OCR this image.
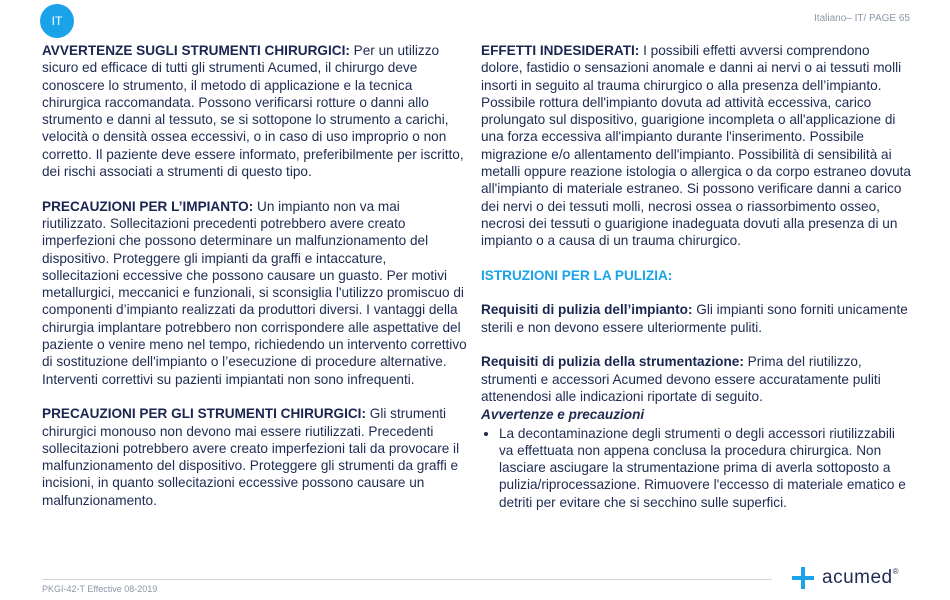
IT	Italiano– IT/ PAGE 65

AVVERTENZE SUGLI STRUMENTI CHIRURGICI: Per un utilizzo sicuro ed efficace di tutti gli strumenti Acumed, il chirurgo deve conoscere lo strumento, il metodo di applicazione e la tecnica chirurgica raccomandata. Possono verificarsi rotture o danni allo strumento e danni al tessuto, se si sottopone lo strumento a carichi, velocità o densità ossea eccessivi, o in caso di uso improprio o non corretto. Il paziente deve essere informato, preferibilmente per iscritto, dei rischi associati a strumenti di questo tipo.

PRECAUZIONI PER L’IMPIANTO: Un impianto non va mai riutilizzato. Sollecitazioni precedenti potrebbero avere creato imperfezioni che possono determinare un malfunzionamento del dispositivo. Proteggere gli impianti da graffi e intaccature, sollecitazioni eccessive che possono causare un guasto. Per motivi metallurgici, meccanici e funzionali, si sconsiglia l'utilizzo promiscuo di componenti d’impianto realizzati da produttori diversi. I vantaggi della chirurgia implantare potrebbero non corrispondere alle aspettative del paziente o venire meno nel tempo, richiedendo un intervento correttivo di sostituzione dell'impianto o l’esecuzione di procedure alternative. Interventi correttivi su pazienti impiantati non sono infrequenti.

PRECAUZIONI PER GLI STRUMENTI CHIRURGICI: Gli strumenti chirurgici monouso non devono mai essere riutilizzati. Precedenti sollecitazioni potrebbero avere creato imperfezioni tali da provocare il malfunzionamento del dispositivo. Proteggere gli strumenti da graffi e incisioni, in quanto sollecitazioni eccessive possono causare un malfunzionamento.

EFFETTI INDESIDERATI: I possibili effetti avversi comprendono dolore, fastidio o sensazioni anomale e danni ai nervi o ai tessuti molli insorti in seguito al trauma chirurgico o alla presenza dell’impianto. Possibile rottura dell'impianto dovuta ad attività eccessiva, carico prolungato sul dispositivo, guarigione incompleta o all'applicazione di una forza eccessiva all'impianto durante l'inserimento. Possibile migrazione e/o allentamento dell'impianto. Possibilità di sensibilità ai metalli oppure reazione istologia o allergica o da corpo estraneo dovuta all'impianto di materiale estraneo. Si possono verificare danni a carico dei nervi o dei tessuti molli, necrosi ossea o riassorbimento osseo, necrosi dei tessuti o guarigione inadeguata dovuti alla presenza di un impianto o a causa di un trauma chirurgico.

ISTRUZIONI PER LA PULIZIA:

Requisiti di pulizia dell’impianto: Gli impianti sono forniti unicamente sterili e non devono essere ulteriormente puliti.

Requisiti di pulizia della strumentazione: Prima del riutilizzo, strumenti e accessori Acumed devono essere accuratamente puliti attenendosi alle indicazioni riportate di seguito.

Avvertenze e precauzioni

• La decontaminazione degli strumenti o degli accessori riutilizzabili va effettuata non appena conclusa la procedura chirurgica. Non lasciare asciugare la strumentazione prima di averla sottoposto a pulizia/riprocessazione. Rimuovere l'eccesso di materiale ematico e detriti per evitare che si secchino sulle superfici.
PKGI-42-T Effective 08-2019
acumed®
